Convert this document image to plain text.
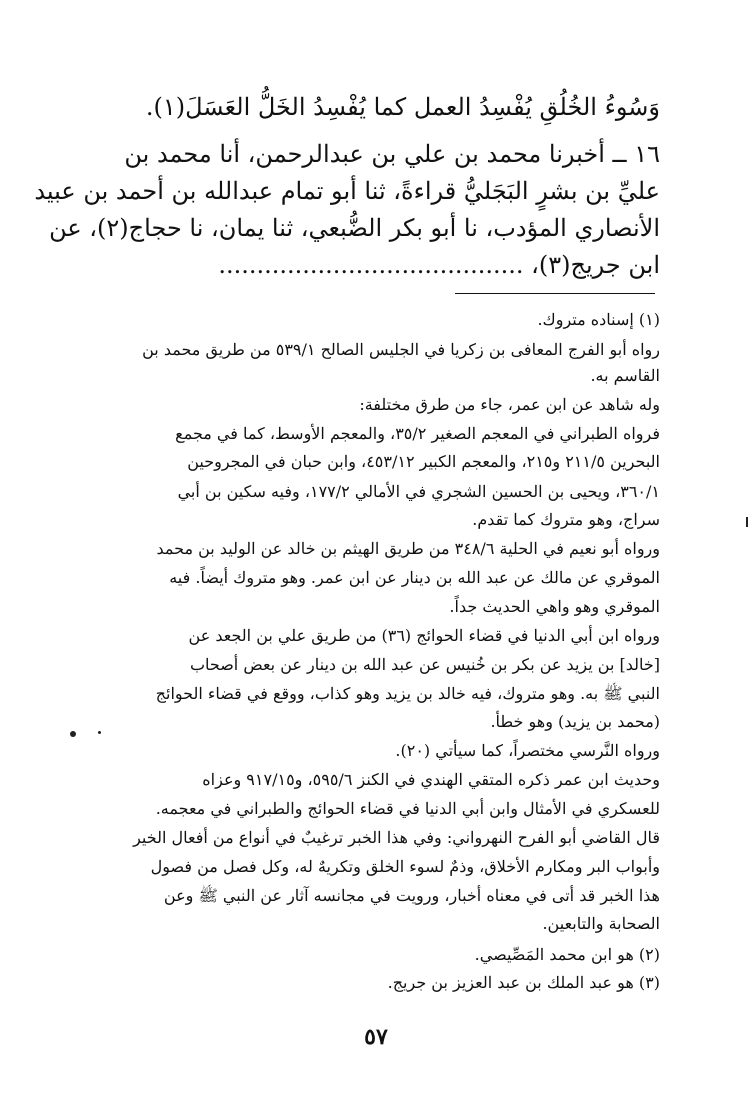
وَسُوءُ الخُلُقِ يُفْسِدُ العمل كما يُفْسِدُ الخَلُّ العَسَلَ(١).
١٦ ــ أخبرنا محمد بن علي بن عبدالرحمن، أنا محمد بن
عليِّ بن بشرٍ البَجَليُّ قراءةً، ثنا أبو تمام عبدالله بن أحمد بن عبيد
الأنصاري المؤدب، نا أبو بكر الضُّبعي، ثنا يمان، نا حجاج(٢)، عن
ابن جريج(٣)، ........................................
(١) إسناده متروك.
رواه أبو الفرج المعافى بن زكريا في الجليس الصالح ٥٣٩/١ من طريق محمد بن
القاسم به.
وله شاهد عن ابن عمر، جاء من طرق مختلفة:
فرواه الطبراني في المعجم الصغير ٣٥/٢، والمعجم الأوسط، كما في مجمع
البحرين ٢١١/٥ و٢١٥، والمعجم الكبير ٤٥٣/١٢، وابن حبان في المجروحين
٣٦٠/١، ويحيى بن الحسين الشجري في الأمالي ١٧٧/٢، وفيه سكين بن أبي
سراج، وهو متروك كما تقدم.
ورواه أبو نعيم في الحلية ٣٤٨/٦ من طريق الهيثم بن خالد عن الوليد بن محمد
الموقري عن مالك عن عبد الله بن دينار عن ابن عمر. وهو متروك أيضاً. فيه
الموقري وهو واهي الحديث جداً.
ورواه ابن أبي الدنيا في قضاء الحوائج (٣٦) من طريق علي بن الجعد عن
[خالد] بن يزيد عن بكر بن خُنيس عن عبد الله بن دينار عن بعض أصحاب
النبي ﷺ به. وهو متروك، فيه خالد بن يزيد وهو كذاب، ووقع في قضاء الحوائج
(محمد بن يزيد) وهو خطأ.
ورواه النَّرسي مختصراً، كما سيأتي (٢٠).
وحديث ابن عمر ذكره المتقي الهندي في الكنز ٥٩٥/٦، و٩١٧/١٥ وعزاه
للعسكري في الأمثال وابن أبي الدنيا في قضاء الحوائج والطبراني في معجمه.
قال القاضي أبو الفرح النهرواني: وفي هذا الخبر ترغيبٌ في أنواع من أفعال الخير
وأبواب البر ومكارم الأخلاق، وذمٌ لسوء الخلق وتكريهٌ له، وكل فصل من فصول
هذا الخبر قد أتى في معناه أخبار، ورويت في مجانسه آثار عن النبي ﷺ وعن
الصحابة والتابعين.
(٢) هو ابن محمد المَصِّيصي.
(٣) هو عبد الملك بن عبد العزيز بن جريج.
٥٧
